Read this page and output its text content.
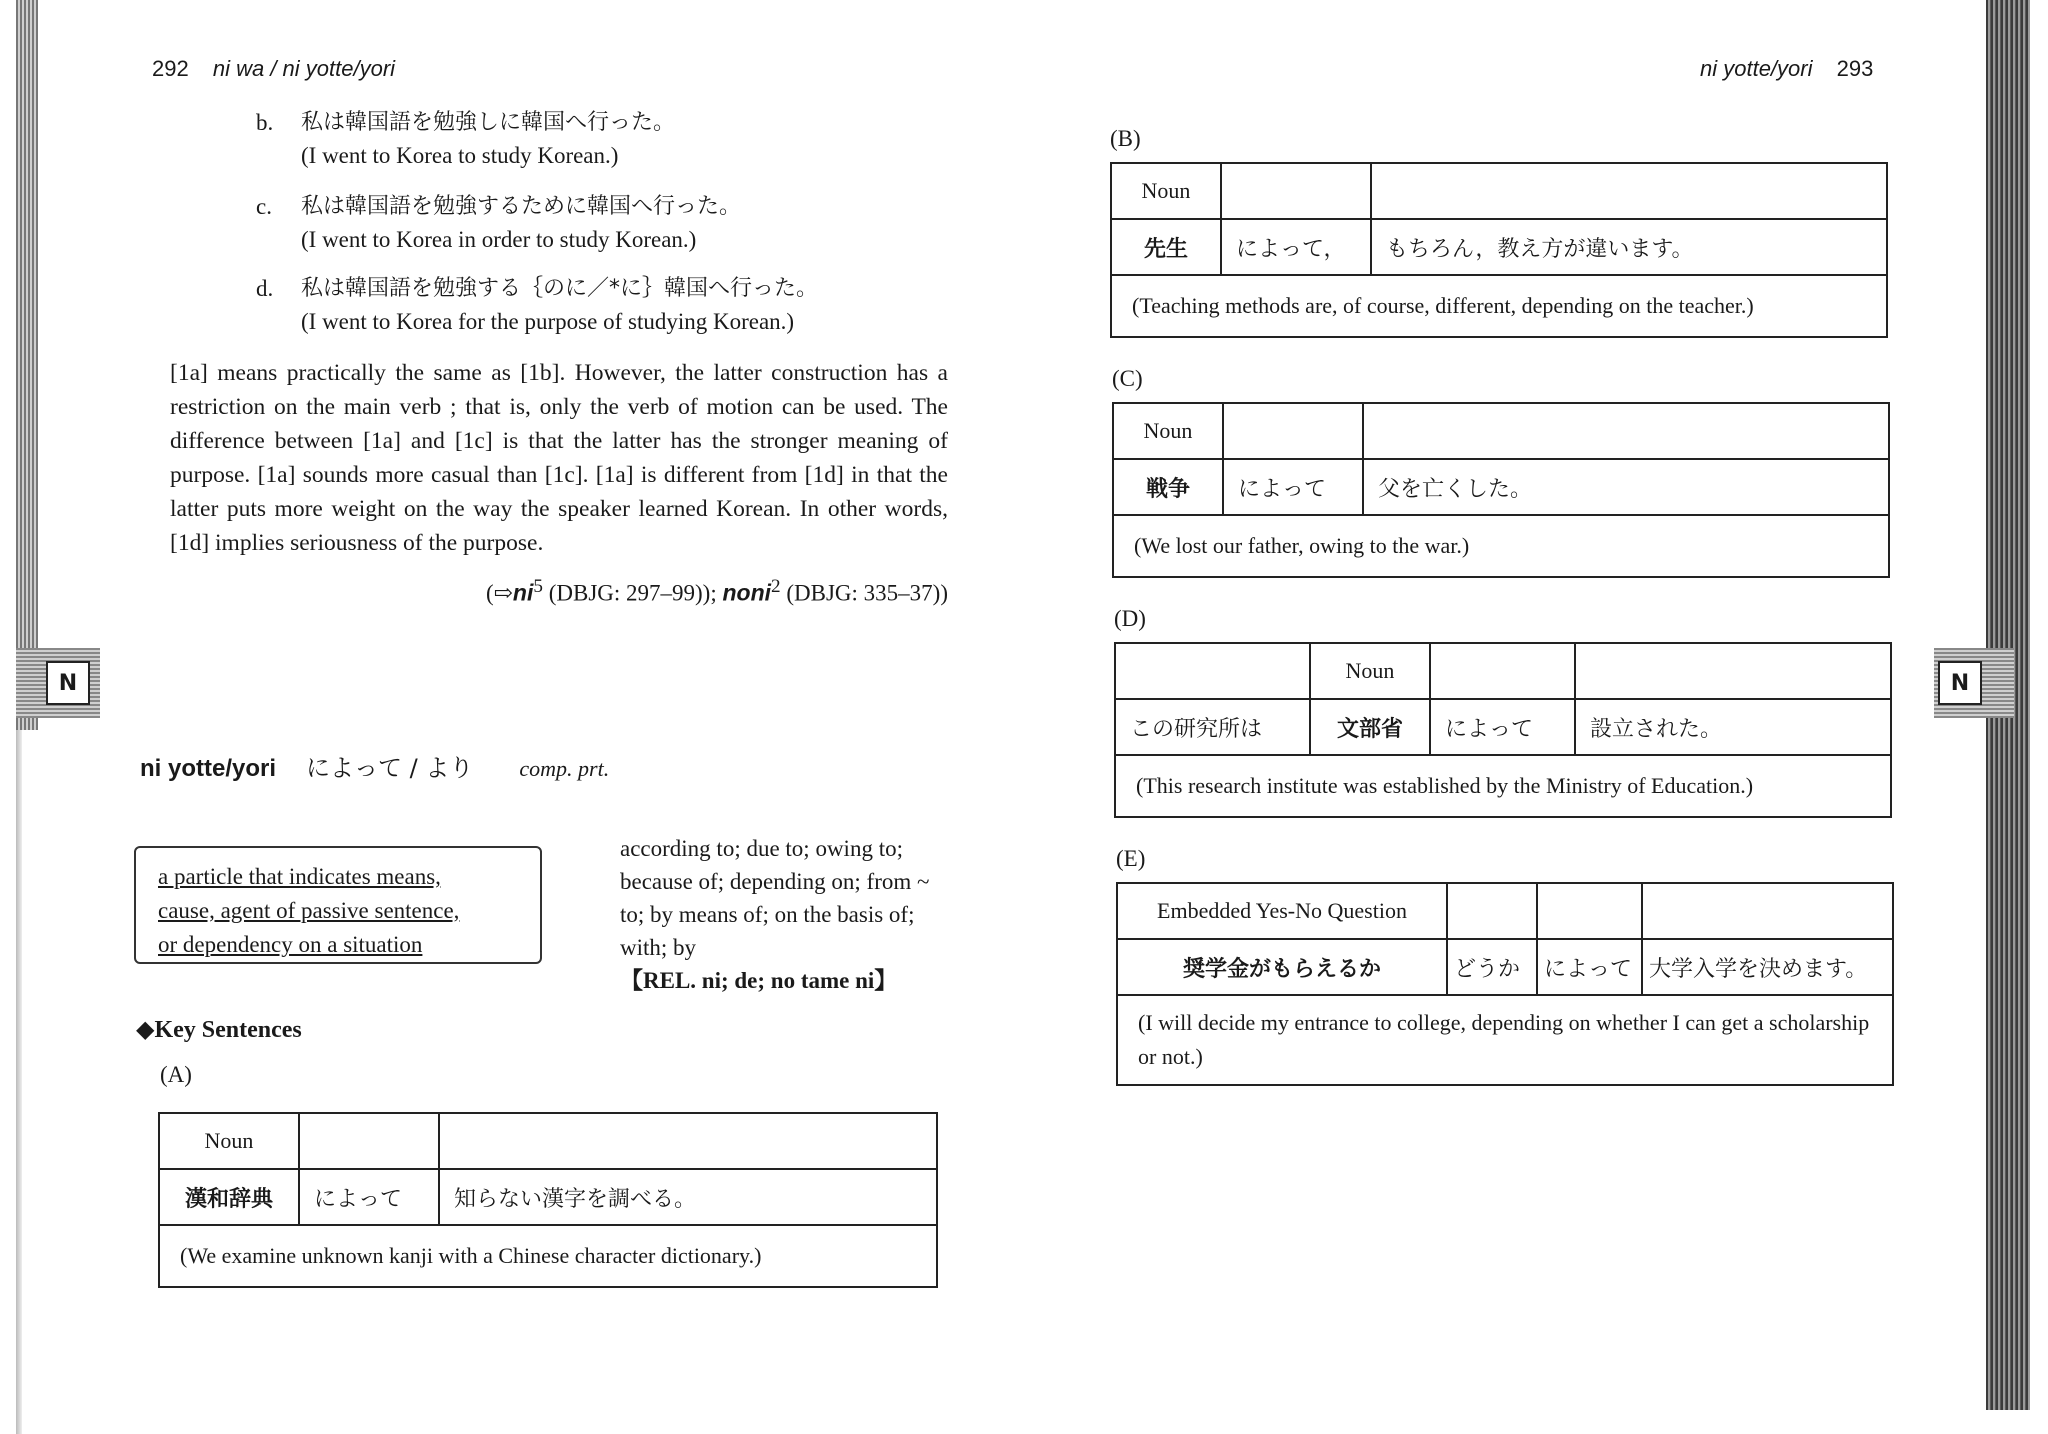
N	N
292 ni wa / ni yotte/yori
b. 私は韓国語を勉強しに韓国へ行った。
(I went to Korea to study Korean.)
c. 私は韓国語を勉強するために韓国へ行った。
(I went to Korea in order to study Korean.)
d. 私は韓国語を勉強する｛のに／*に｝韓国へ行った。
(I went to Korea for the purpose of studying Korean.)

[1a] means practically the same as [1b]. However, the latter construction has a restriction on the main verb ; that is, only the verb of motion can be used. The difference between [1a] and [1c] is that the latter has the stronger meaning of purpose. [1a] sounds more casual than [1c]. [1a] is different from [1d] in that the latter puts more weight on the way the speaker learned Korean. In other words, [1d] implies seriousness of the purpose.

($⇨ni^5$ (DBJG: 297–99)); noni$^2$ (DBJG: 335–37))
ni yotte/yori によって / より comp. prt.
a particle that indicates means,
cause, agent of passive sentence,
or dependency on a situation
according to; due to; owing to; because of; depending on; from ~ to; by means of; on the basis of; with; by
【REL. ni; de; no tame ni】
◆Key Sentences
(A)
Noun		
漢和辞典	によって	知らない漢字を調べる。
(We examine unknown kanji with a Chinese character dictionary.)		
ni yotte/yori 293
(B)
Noun		
先生	によって，	もちろん，教え方が違います。
(Teaching methods are, of course, different, depending on the teacher.)		
(C)
Noun		
戦争	によって	父を亡くした。
(We lost our father, owing to the war.)		
(D)
	Noun		
この研究所は	文部省	によって	設立された。
(This research institute was established by the Ministry of Education.)			
(E)
Embedded Yes-No Question			
奨学金がもらえるか	どうか	によって	大学入学を決めます。
(I will decide my entrance to college, depending on whether I can get a scholarship or not.)			
